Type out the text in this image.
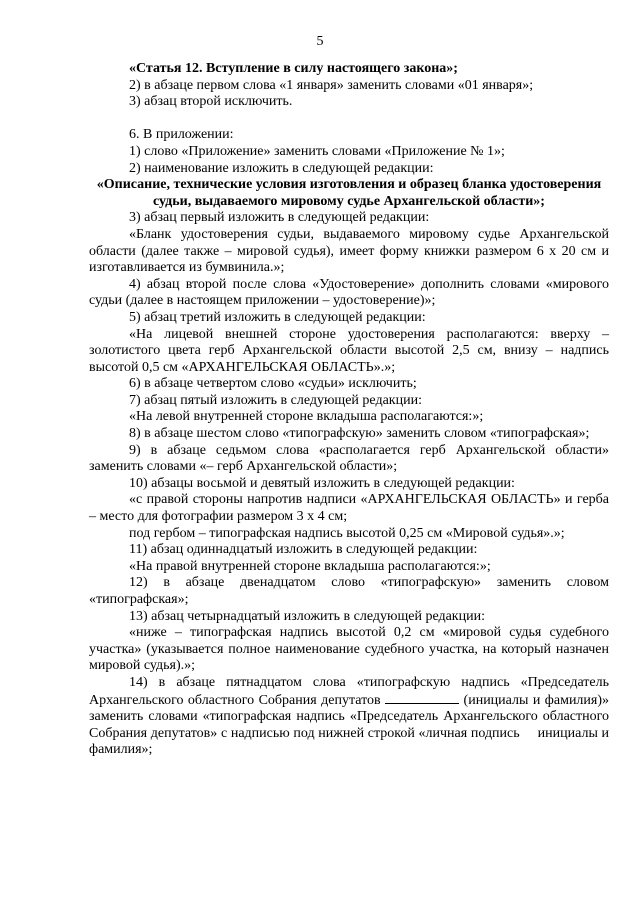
5

«Статья 12. Вступление в силу настоящего закона»;

2) в абзаце первом слова «1 января» заменить словами «01 января»;

3) абзац второй исключить.

6. В приложении:

1) слово «Приложение» заменить словами «Приложение № 1»;

2) наименование изложить в следующей редакции:

«Описание, технические условия изготовления и образец бланка удостоверения судьи, выдаваемого мировому судье Архангельской области»;

3) абзац первый изложить в следующей редакции:

«Бланк удостоверения судьи, выдаваемого мировому судье Архангельской области (далее также – мировой судья), имеет форму книжки размером 6 х 20 см и изготавливается из бумвинила.»;

4) абзац второй после слова «Удостоверение» дополнить словами «мирового судьи (далее в настоящем приложении – удостоверение)»;

5) абзац третий изложить в следующей редакции:

«На лицевой внешней стороне удостоверения располагаются: вверху – золотистого цвета герб Архангельской области высотой 2,5 см, внизу – надпись высотой 0,5 см «АРХАНГЕЛЬСКАЯ ОБЛАСТЬ».»;

6) в абзаце четвертом слово «судьи» исключить;

7) абзац пятый изложить в следующей редакции:

«На левой внутренней стороне вкладыша располагаются:»;

8) в абзаце шестом слово «типографскую» заменить словом «типографская»;

9) в абзаце седьмом слова «располагается герб Архангельской области» заменить словами «– герб Архангельской области»;

10) абзацы восьмой и девятый изложить в следующей редакции:

«с правой стороны напротив надписи «АРХАНГЕЛЬСКАЯ ОБЛАСТЬ» и герба – место для фотографии размером 3 х 4 см;

под гербом – типографская надпись высотой 0,25 см «Мировой судья».»;

11) абзац одиннадцатый изложить в следующей редакции:

«На правой внутренней стороне вкладыша располагаются:»;

12) в абзаце двенадцатом слово «типографскую» заменить словом «типографская»;

13) абзац четырнадцатый изложить в следующей редакции:

«ниже – типографская надпись высотой 0,2 см «мировой судья судебного участка» (указывается полное наименование судебного участка, на который назначен мировой судья).»;

14) в абзаце пятнадцатом слова «типографскую надпись «Председатель Архангельского областного Собрания депутатов	(инициалы и фамилия)» заменить словами «типографская надпись «Председатель Архангельского областного Собрания депутатов» с надписью под нижней строкой «личная подпись инициалы и фамилия»;
